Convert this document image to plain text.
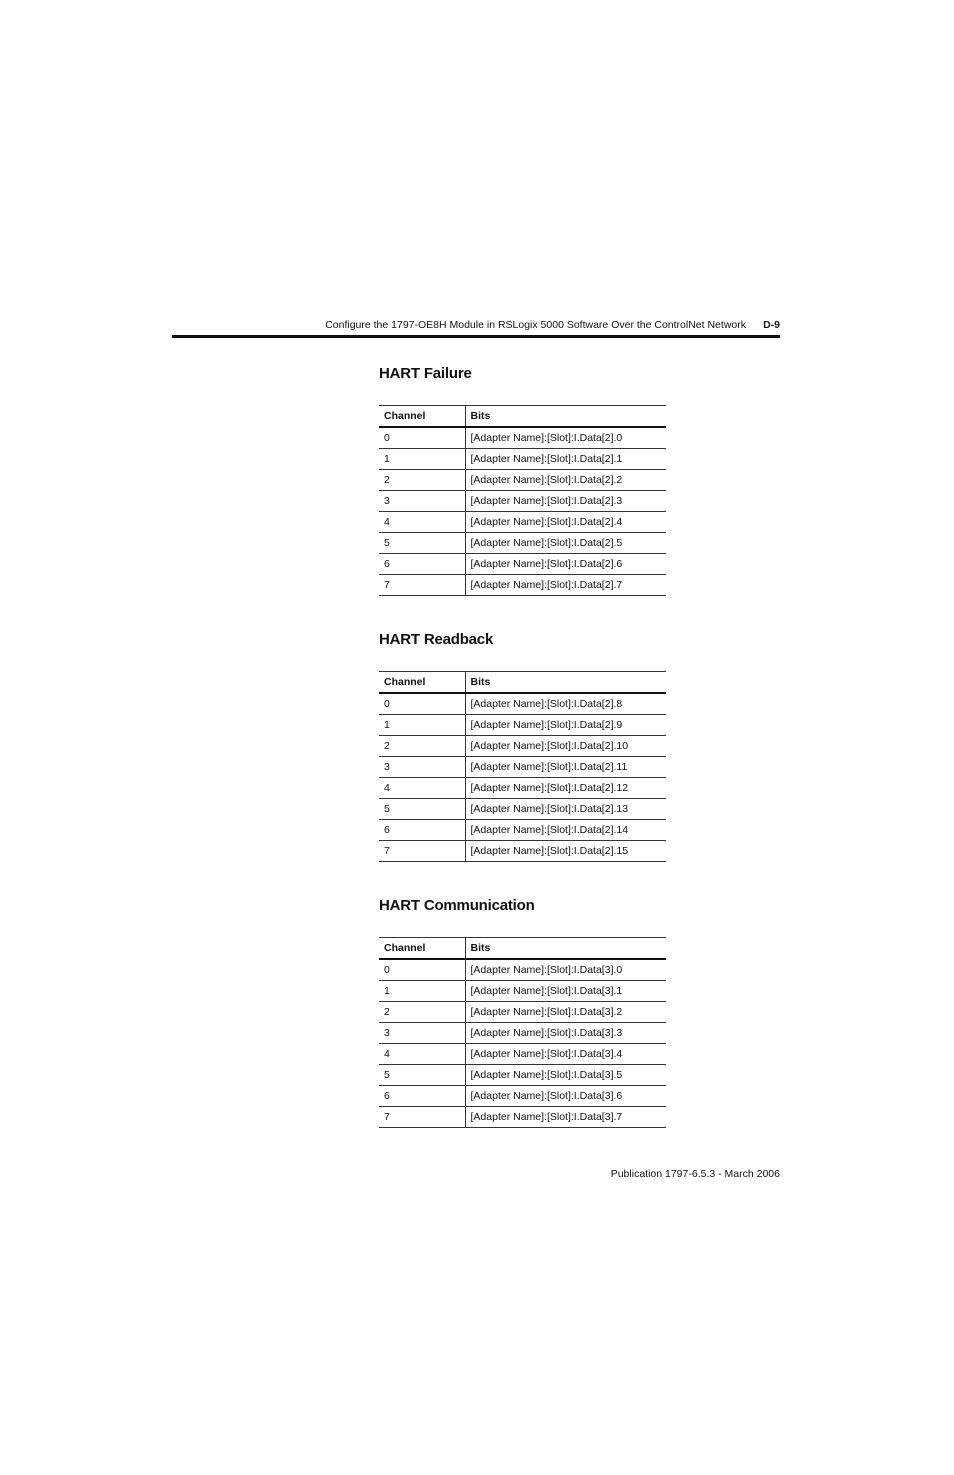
Configure the 1797-OE8H Module in RSLogix 5000 Software Over the ControlNet Network D-9
HART Failure
Channel	Bits
0	[Adapter Name]:[Slot]:I.Data[2].0
1	[Adapter Name]:[Slot]:I.Data[2].1
2	[Adapter Name]:[Slot]:I.Data[2].2
3	[Adapter Name]:[Slot]:I.Data[2].3
4	[Adapter Name]:[Slot]:I.Data[2].4
5	[Adapter Name]:[Slot]:I.Data[2].5
6	[Adapter Name]:[Slot]:I.Data[2].6
7	[Adapter Name]:[Slot]:I.Data[2].7
HART Readback
Channel	Bits
0	[Adapter Name]:[Slot]:I.Data[2].8
1	[Adapter Name]:[Slot]:I.Data[2].9
2	[Adapter Name]:[Slot]:I.Data[2].10
3	[Adapter Name]:[Slot]:I.Data[2].11
4	[Adapter Name]:[Slot]:I.Data[2].12
5	[Adapter Name]:[Slot]:I.Data[2].13
6	[Adapter Name]:[Slot]:I.Data[2].14
7	[Adapter Name]:[Slot]:I.Data[2].15
HART Communication
Channel	Bits
0	[Adapter Name]:[Slot]:I.Data[3].0
1	[Adapter Name]:[Slot]:I.Data[3].1
2	[Adapter Name]:[Slot]:I.Data[3].2
3	[Adapter Name]:[Slot]:I.Data[3].3
4	[Adapter Name]:[Slot]:I.Data[3].4
5	[Adapter Name]:[Slot]:I.Data[3].5
6	[Adapter Name]:[Slot]:I.Data[3].6
7	[Adapter Name]:[Slot]:I.Data[3].7
Publication 1797-6.5.3 - March 2006
